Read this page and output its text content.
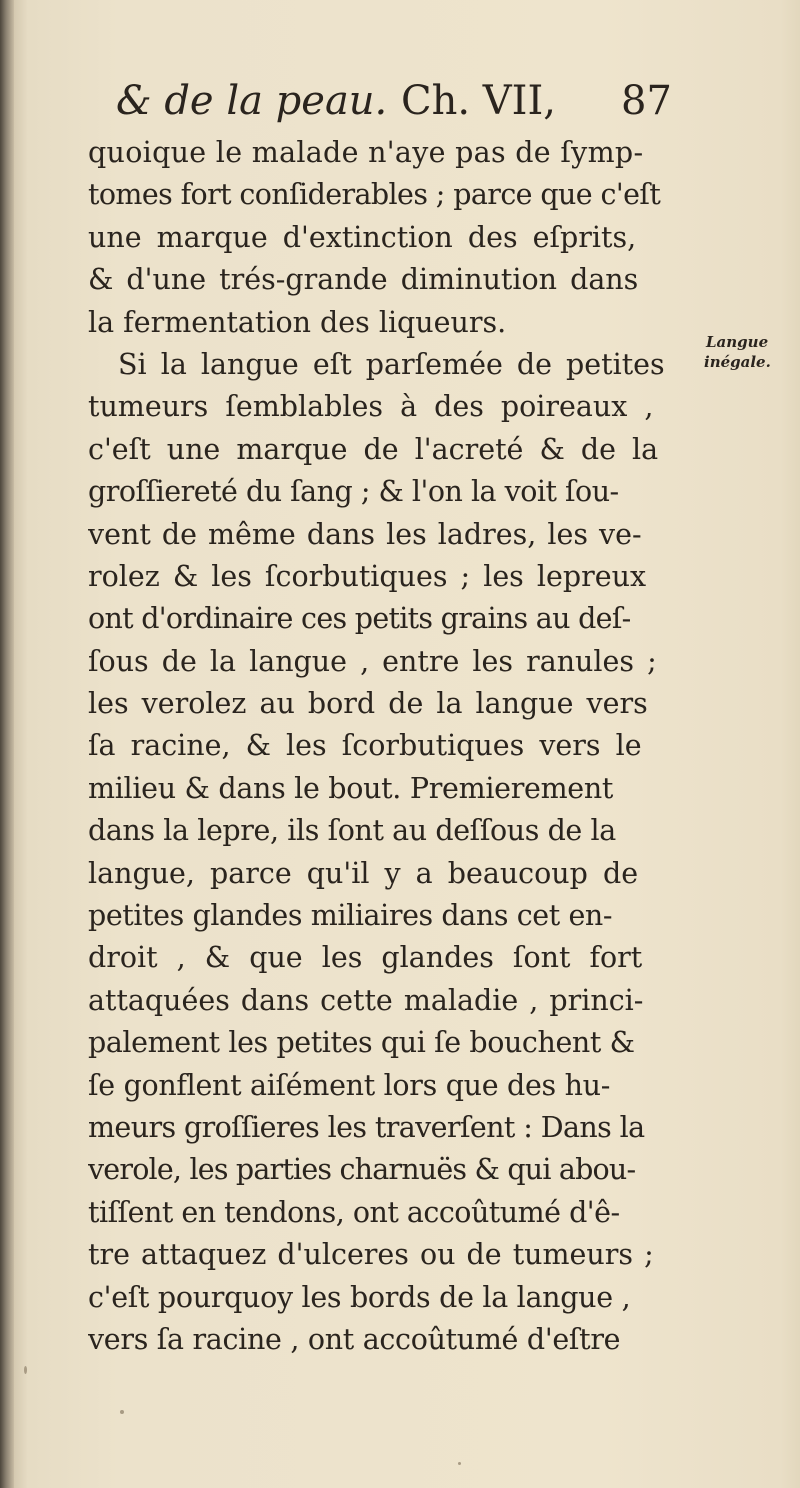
& de la peau. Ch. VII, 87
Langue
inégale.
quoique le malade n'aye pas de ſymp-
tomes fort conſiderables ; parce que c'eſt
une marque d'extinction des eſprits,
& d'une trés-grande diminution dans
la fermentation des liqueurs.
Si la langue eſt parſemée de petites
tumeurs ſemblables à des poireaux ,
c'eſt une marque de l'acreté & de la
groſſiereté du ſang ; & l'on la voit ſou-
vent de même dans les ladres, les ve-
rolez & les ſcorbutiques ; les lepreux
ont d'ordinaire ces petits grains au deſ-
ſous de la langue , entre les ranules ;
les verolez au bord de la langue vers
ſa racine, & les ſcorbutiques vers le
milieu & dans le bout. Premierement
dans la lepre, ils ſont au deſſous de la
langue, parce qu'il y a beaucoup de
petites glandes miliaires dans cet en-
droit , & que les glandes ſont fort
attaquées dans cette maladie , princi-
palement les petites qui ſe bouchent &
ſe gonflent aiſément lors que des hu-
meurs groſſieres les traverſent : Dans la
verole, les parties charnuës & qui abou-
tiſſent en tendons, ont accoûtumé d'ê-
tre attaquez d'ulceres ou de tumeurs ;
c'eſt pourquoy les bords de la langue ,
vers ſa racine , ont accoûtumé d'eſtre
